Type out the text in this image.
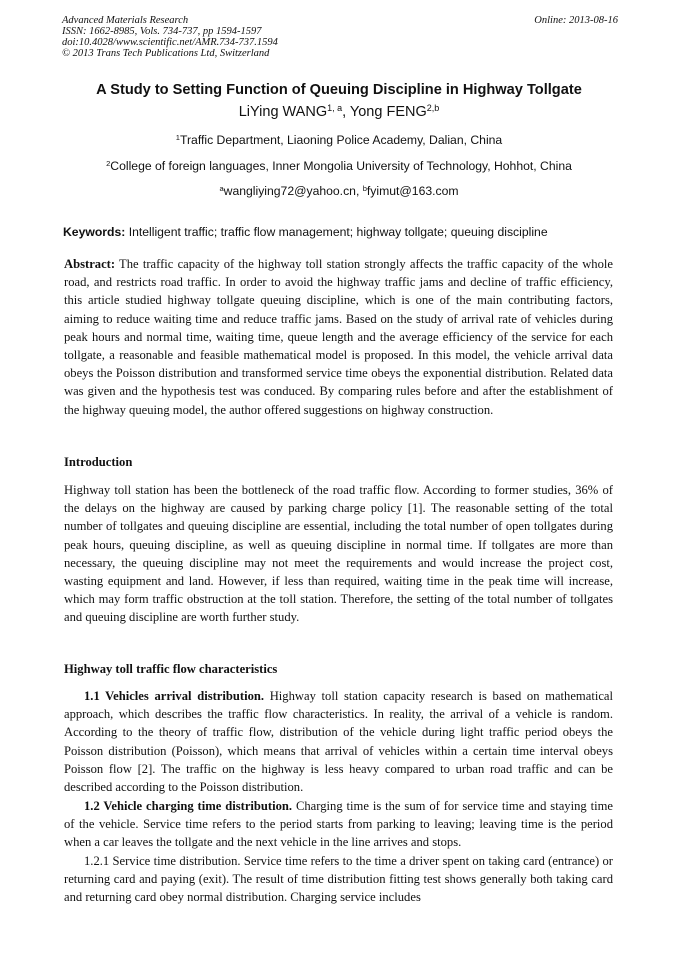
Advanced Materials Research
ISSN: 1662-8985, Vols. 734-737, pp 1594-1597
doi:10.4028/www.scientific.net/AMR.734-737.1594
© 2013 Trans Tech Publications Ltd, Switzerland
Online: 2013-08-16
A Study to Setting Function of Queuing Discipline in Highway Tollgate
LiYing WANG$^{1, a}$, Yong FENG$^{2,b}$
$^1$Traffic Department, Liaoning Police Academy, Dalian, China
$^2$College of foreign languages, Inner Mongolia University of Technology, Hohhot, China
$^a$wangliying72@yahoo.cn, $^b$fyimut@163.com
Keywords: Intelligent traffic; traffic flow management; highway tollgate; queuing discipline

Abstract: The traffic capacity of the highway toll station strongly affects the traffic capacity of the whole road, and restricts road traffic. In order to avoid the highway traffic jams and decline of traffic efficiency, this article studied highway tollgate queuing discipline, which is one of the main contributing factors, aiming to reduce waiting time and reduce traffic jams. Based on the study of arrival rate of vehicles during peak hours and normal time, waiting time, queue length and the average efficiency of the service for each tollgate, a reasonable and feasible mathematical model is proposed. In this model, the vehicle arrival data obeys the Poisson distribution and transformed service time obeys the exponential distribution. Related data was given and the hypothesis test was conduced. By comparing rules before and after the establishment of the highway queuing model, the author offered suggestions on highway construction.

Introduction

Highway toll station has been the bottleneck of the road traffic flow. According to former studies, 36% of the delays on the highway are caused by parking charge policy [1]. The reasonable setting of the total number of tollgates and queuing discipline are essential, including the total number of open tollgates during peak hours, queuing discipline, as well as queuing discipline in normal time. If tollgates are more than necessary, the queuing discipline may not meet the requirements and would increase the project cost, wasting equipment and land. However, if less than required, waiting time in the peak time will increase, which may form traffic obstruction at the toll station. Therefore, the setting of the total number of tollgates and queuing discipline are worth further study.

Highway toll traffic flow characteristics

1.1 Vehicles arrival distribution. Highway toll station capacity research is based on mathematical approach, which describes the traffic flow characteristics. In reality, the arrival of a vehicle is random. According to the theory of traffic flow, distribution of the vehicle during light traffic period obeys the Poisson distribution (Poisson), which means that arrival of vehicles within a certain time interval obeys Poisson flow [2]. The traffic on the highway is less heavy compared to urban road traffic and can be described according to the Poisson distribution.

1.2 Vehicle charging time distribution. Charging time is the sum of for service time and staying time of the vehicle. Service time refers to the period starts from parking to leaving; leaving time is the period when a car leaves the tollgate and the next vehicle in the line arrives and stops.

1.2.1 Service time distribution. Service time refers to the time a driver spent on taking card (entrance) or returning card and paying (exit). The result of time distribution fitting test shows generally both taking card and returning card obey normal distribution. Charging service includes
